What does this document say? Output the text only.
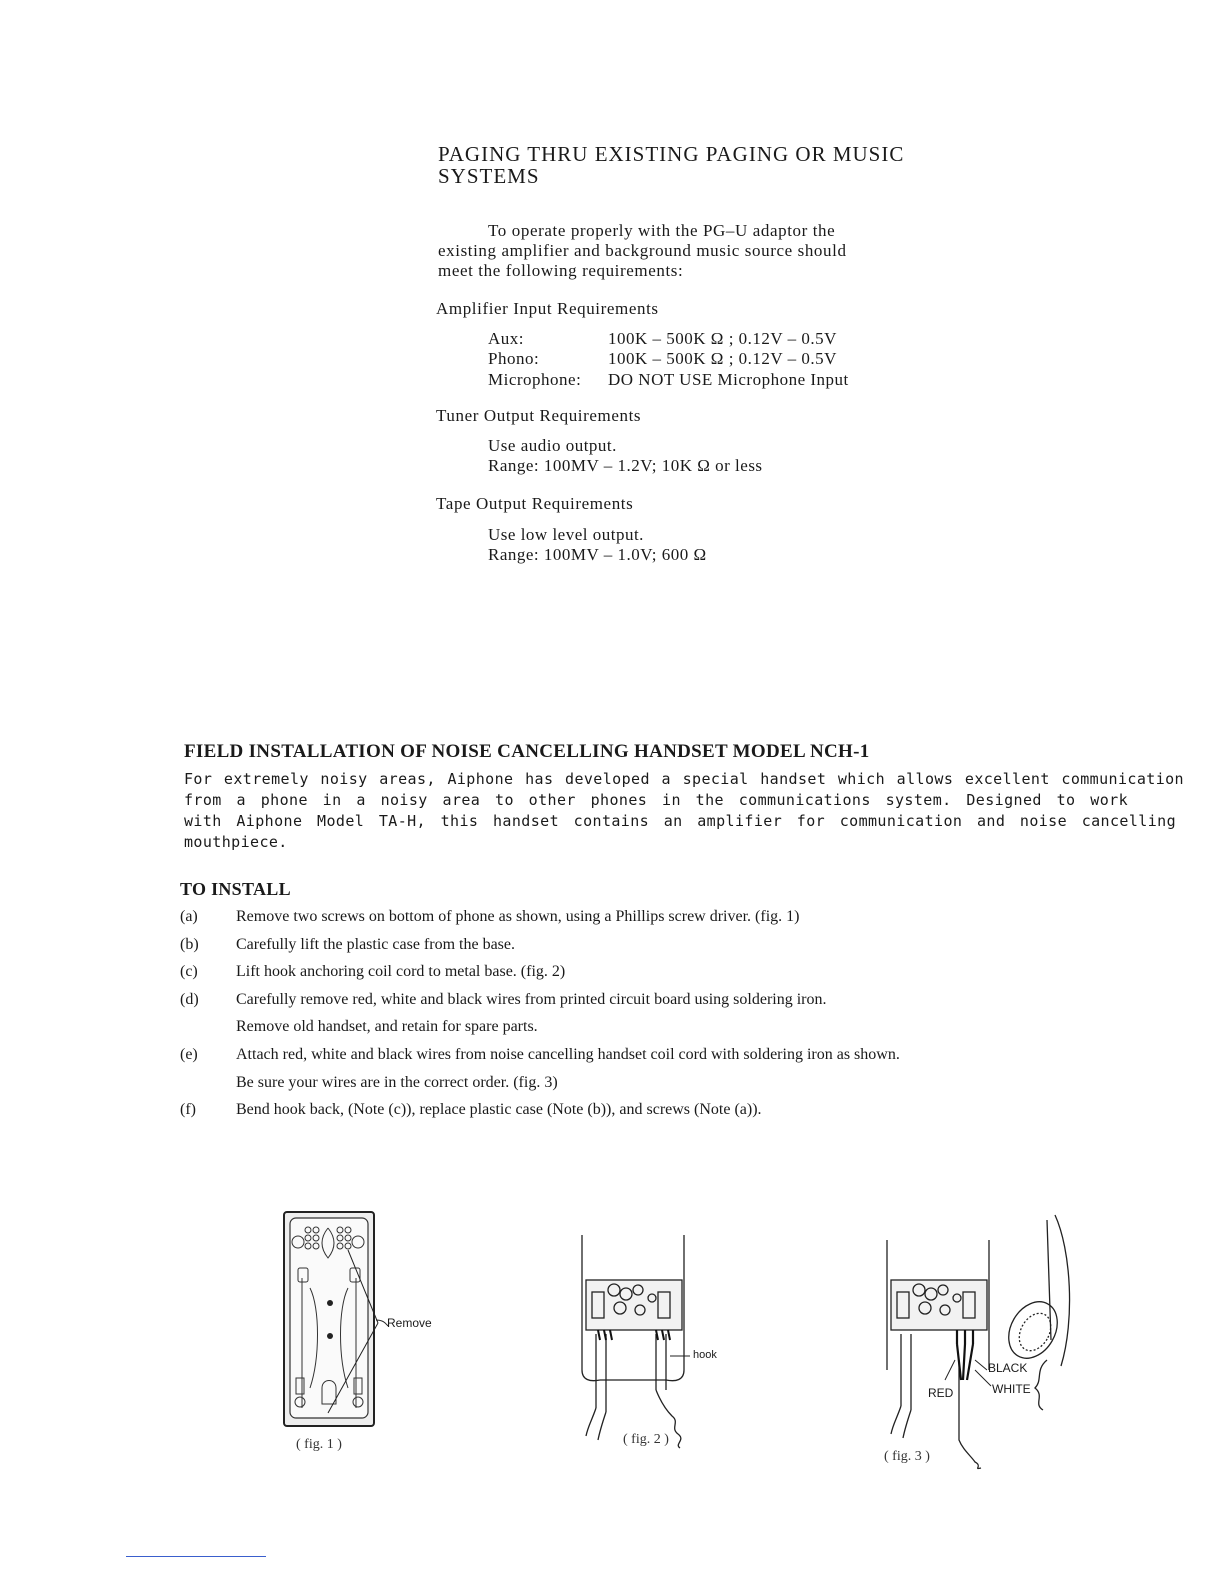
PAGING THRU EXISTING PAGING OR MUSIC
SYSTEMS
To operate properly with the PG–U adaptor the
existing amplifier and background music source should
meet the following requirements:
Amplifier Input Requirements
Aux:	100K – 500K Ω ; 0.12V – 0.5V
Phono:	100K – 500K Ω ; 0.12V – 0.5V
Microphone: DO NOT USE Microphone Input
Tuner Output Requirements
Use audio output.
Range: 100MV – 1.2V; 10K Ω or less
Tape Output Requirements
Use low level output.
Range: 100MV – 1.0V; 600 Ω
FIELD INSTALLATION OF NOISE CANCELLING HANDSET MODEL NCH-1
For extremely noisy areas, Aiphone has developed a special handset which allows excellent communication
from a phone in a noisy area to other phones in the communications system. Designed to work
with Aiphone Model TA-H, this handset contains an amplifier for communication and noise cancelling
mouthpiece.
TO INSTALL
(a) Remove two screws on bottom of phone as shown, using a Phillips screw driver. (fig. 1)
(b) Carefully lift the plastic case from the base.
(c) Lift hook anchoring coil cord to metal base. (fig. 2)
(d) Carefully remove red, white and black wires from printed circuit board using soldering iron.
Remove old handset, and retain for spare parts.
(e) Attach red, white and black wires from noise cancelling handset coil cord with soldering iron as shown.
Be sure your wires are in the correct order. (fig. 3)
(f)	Bend hook back, (Note (c)), replace plastic case (Note (b)), and screws (Note (a)).
Remove
( fig. 1 )
hook
( fig. 2 )
BLACK
WHITE
RED
( fig. 3 )
